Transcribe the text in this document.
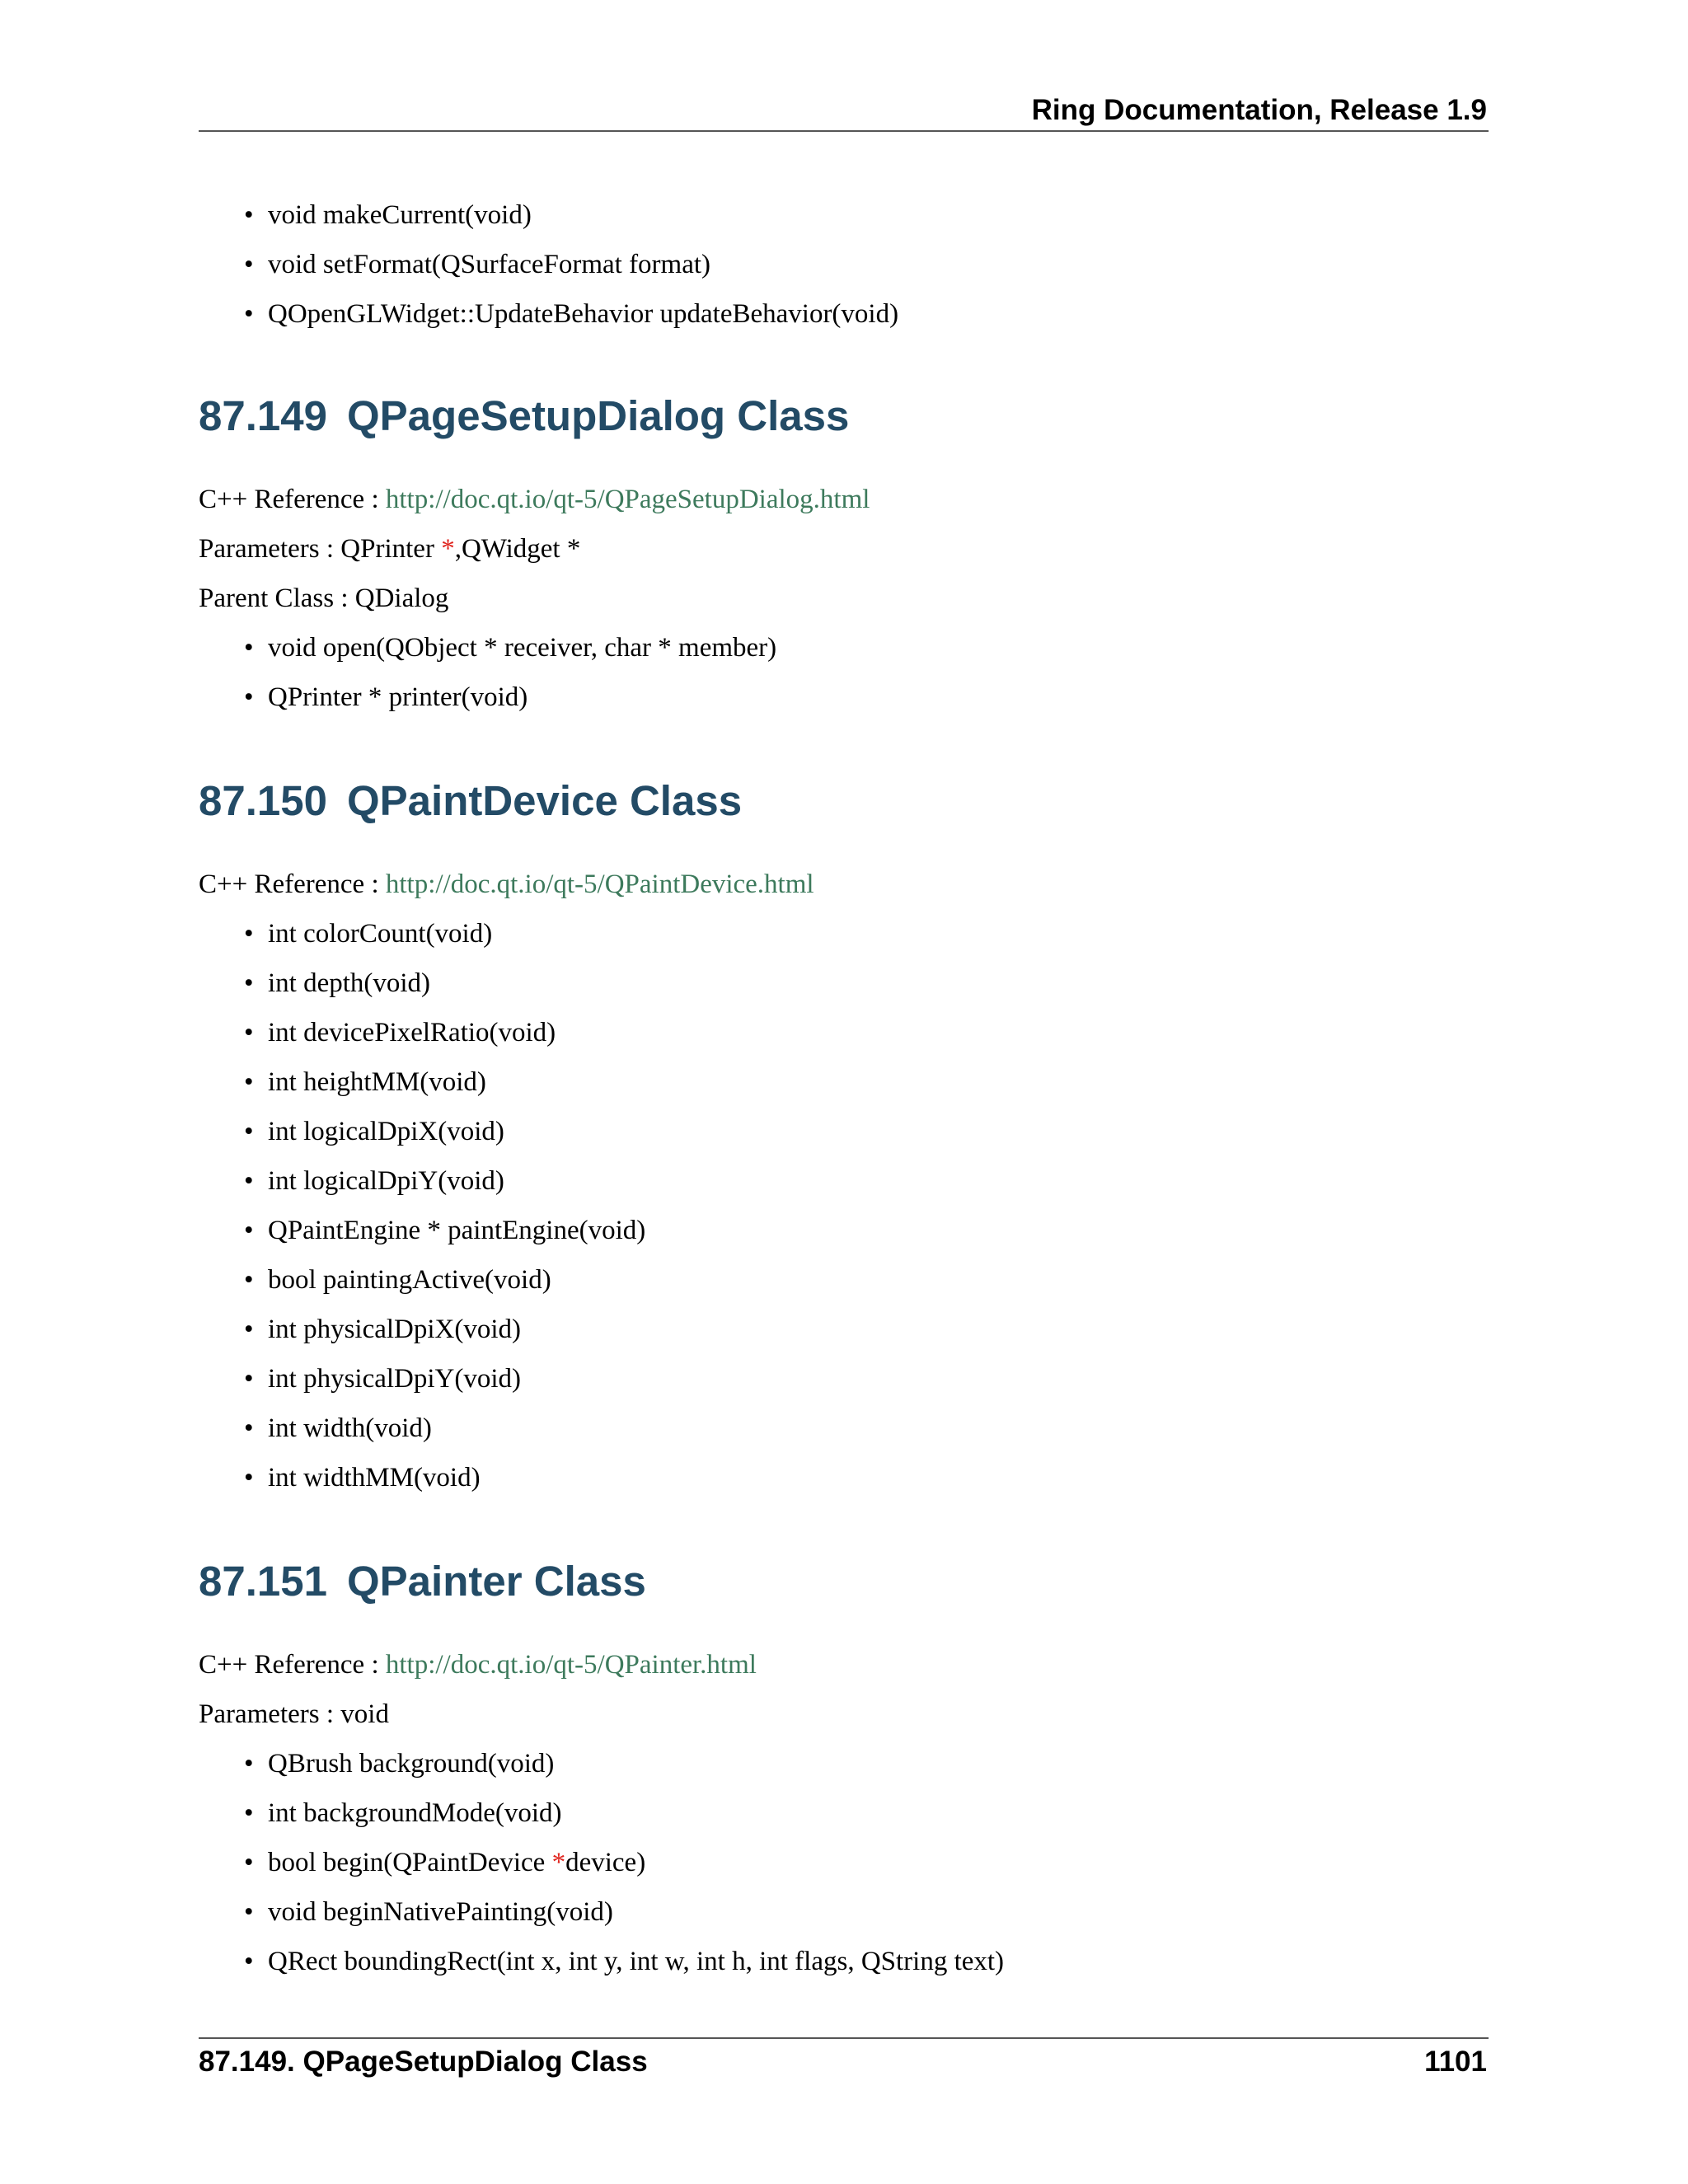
Ring Documentation, Release 1.9
• void makeCurrent(void)
• void setFormat(QSurfaceFormat format)
• QOpenGLWidget::UpdateBehavior updateBehavior(void)
87.149 QPageSetupDialog Class
C++ Reference : http://doc.qt.io/qt-5/QPageSetupDialog.html
Parameters : QPrinter *,QWidget *
Parent Class : QDialog
• void open(QObject * receiver, char * member)
• QPrinter * printer(void)
87.150 QPaintDevice Class
C++ Reference : http://doc.qt.io/qt-5/QPaintDevice.html
• int colorCount(void)
• int depth(void)
• int devicePixelRatio(void)
• int heightMM(void)
• int logicalDpiX(void)
• int logicalDpiY(void)
• QPaintEngine * paintEngine(void)
• bool paintingActive(void)
• int physicalDpiX(void)
• int physicalDpiY(void)
• int width(void)
• int widthMM(void)
87.151 QPainter Class
C++ Reference : http://doc.qt.io/qt-5/QPainter.html
Parameters : void
• QBrush background(void)
• int backgroundMode(void)
• bool begin(QPaintDevice *device)
• void beginNativePainting(void)
• QRect boundingRect(int x, int y, int w, int h, int flags, QString text)
87.149. QPageSetupDialog Class	1101
